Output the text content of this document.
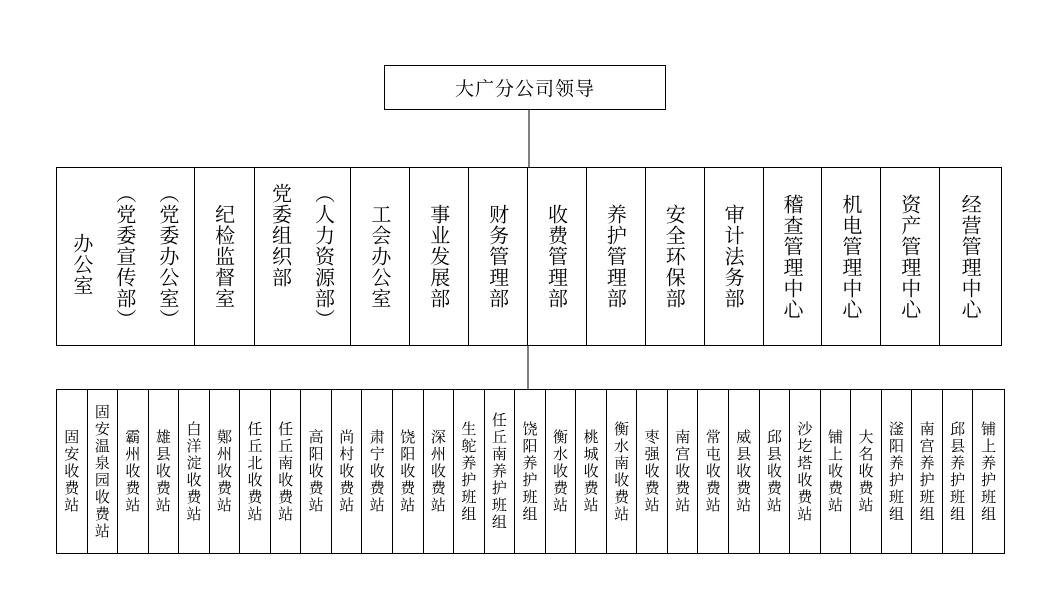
大广分公司领导
（党委办公室）
（党委宣传部）
办公室	纪检监督室	（人力资源部）
党委组织部	工会办公室 事业发展部 财务管理部 收费管理部 养护管理部 安全环保部 审计法务部 稽查管理中心 机电管理中心 资产管理中心 经营管理中心
固安收费站 固安温泉园收费站 霸州收费站 雄县收费站 白洋淀收费站 鄚州收费站 任丘北收费站 任丘南收费站 高阳收费站 尚村收费站 肃宁收费站 饶阳收费站 深州收费站 生鸵养护班组 任丘南养护班组 饶阳养护班组 衡水收费站 桃城收费站 衡水南收费站 枣强收费站 南宫收费站 常屯收费站 威县收费站 邱县收费站 沙圪塔收费站 铺上收费站 大名收费站 滏阳养护班组 南宫养护班组 邱县养护班组 铺上养护班组
